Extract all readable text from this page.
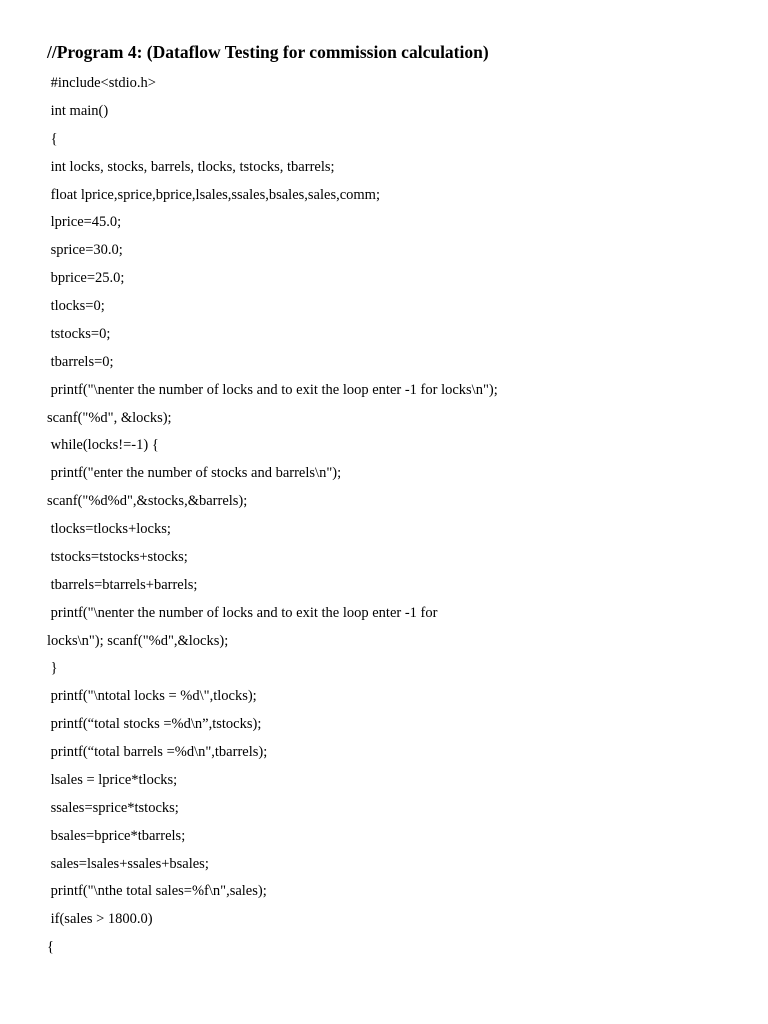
//Program 4: (Dataflow Testing for commission calculation)
#include<stdio.h>
int main()
{
int locks, stocks, barrels, tlocks, tstocks, tbarrels;
float lprice,sprice,bprice,lsales,ssales,bsales,sales,comm;
lprice=45.0;
sprice=30.0;
bprice=25.0;
tlocks=0;
tstocks=0;
tbarrels=0;
printf("\nenter the number of locks and to exit the loop enter -1 for locks\n");
scanf("%d", &locks);
while(locks!=-1) {
printf("enter the number of stocks and barrels\n");
scanf("%d%d",&stocks,&barrels);
tlocks=tlocks+locks;
tstocks=tstocks+stocks;
tbarrels=btarrels+barrels;
printf("\nenter the number of locks and to exit the loop enter -1 for
locks\n"); scanf("%d",&locks);
}
printf("\ntotal locks = %d\",tlocks);
printf(“total stocks =%d\n”,tstocks);
printf(“total barrels =%d\n",tbarrels);
lsales = lprice*tlocks;
ssales=sprice*tstocks;
bsales=bprice*tbarrels;
sales=lsales+ssales+bsales;
printf("\nthe total sales=%f\n",sales);
if(sales > 1800.0)
{
